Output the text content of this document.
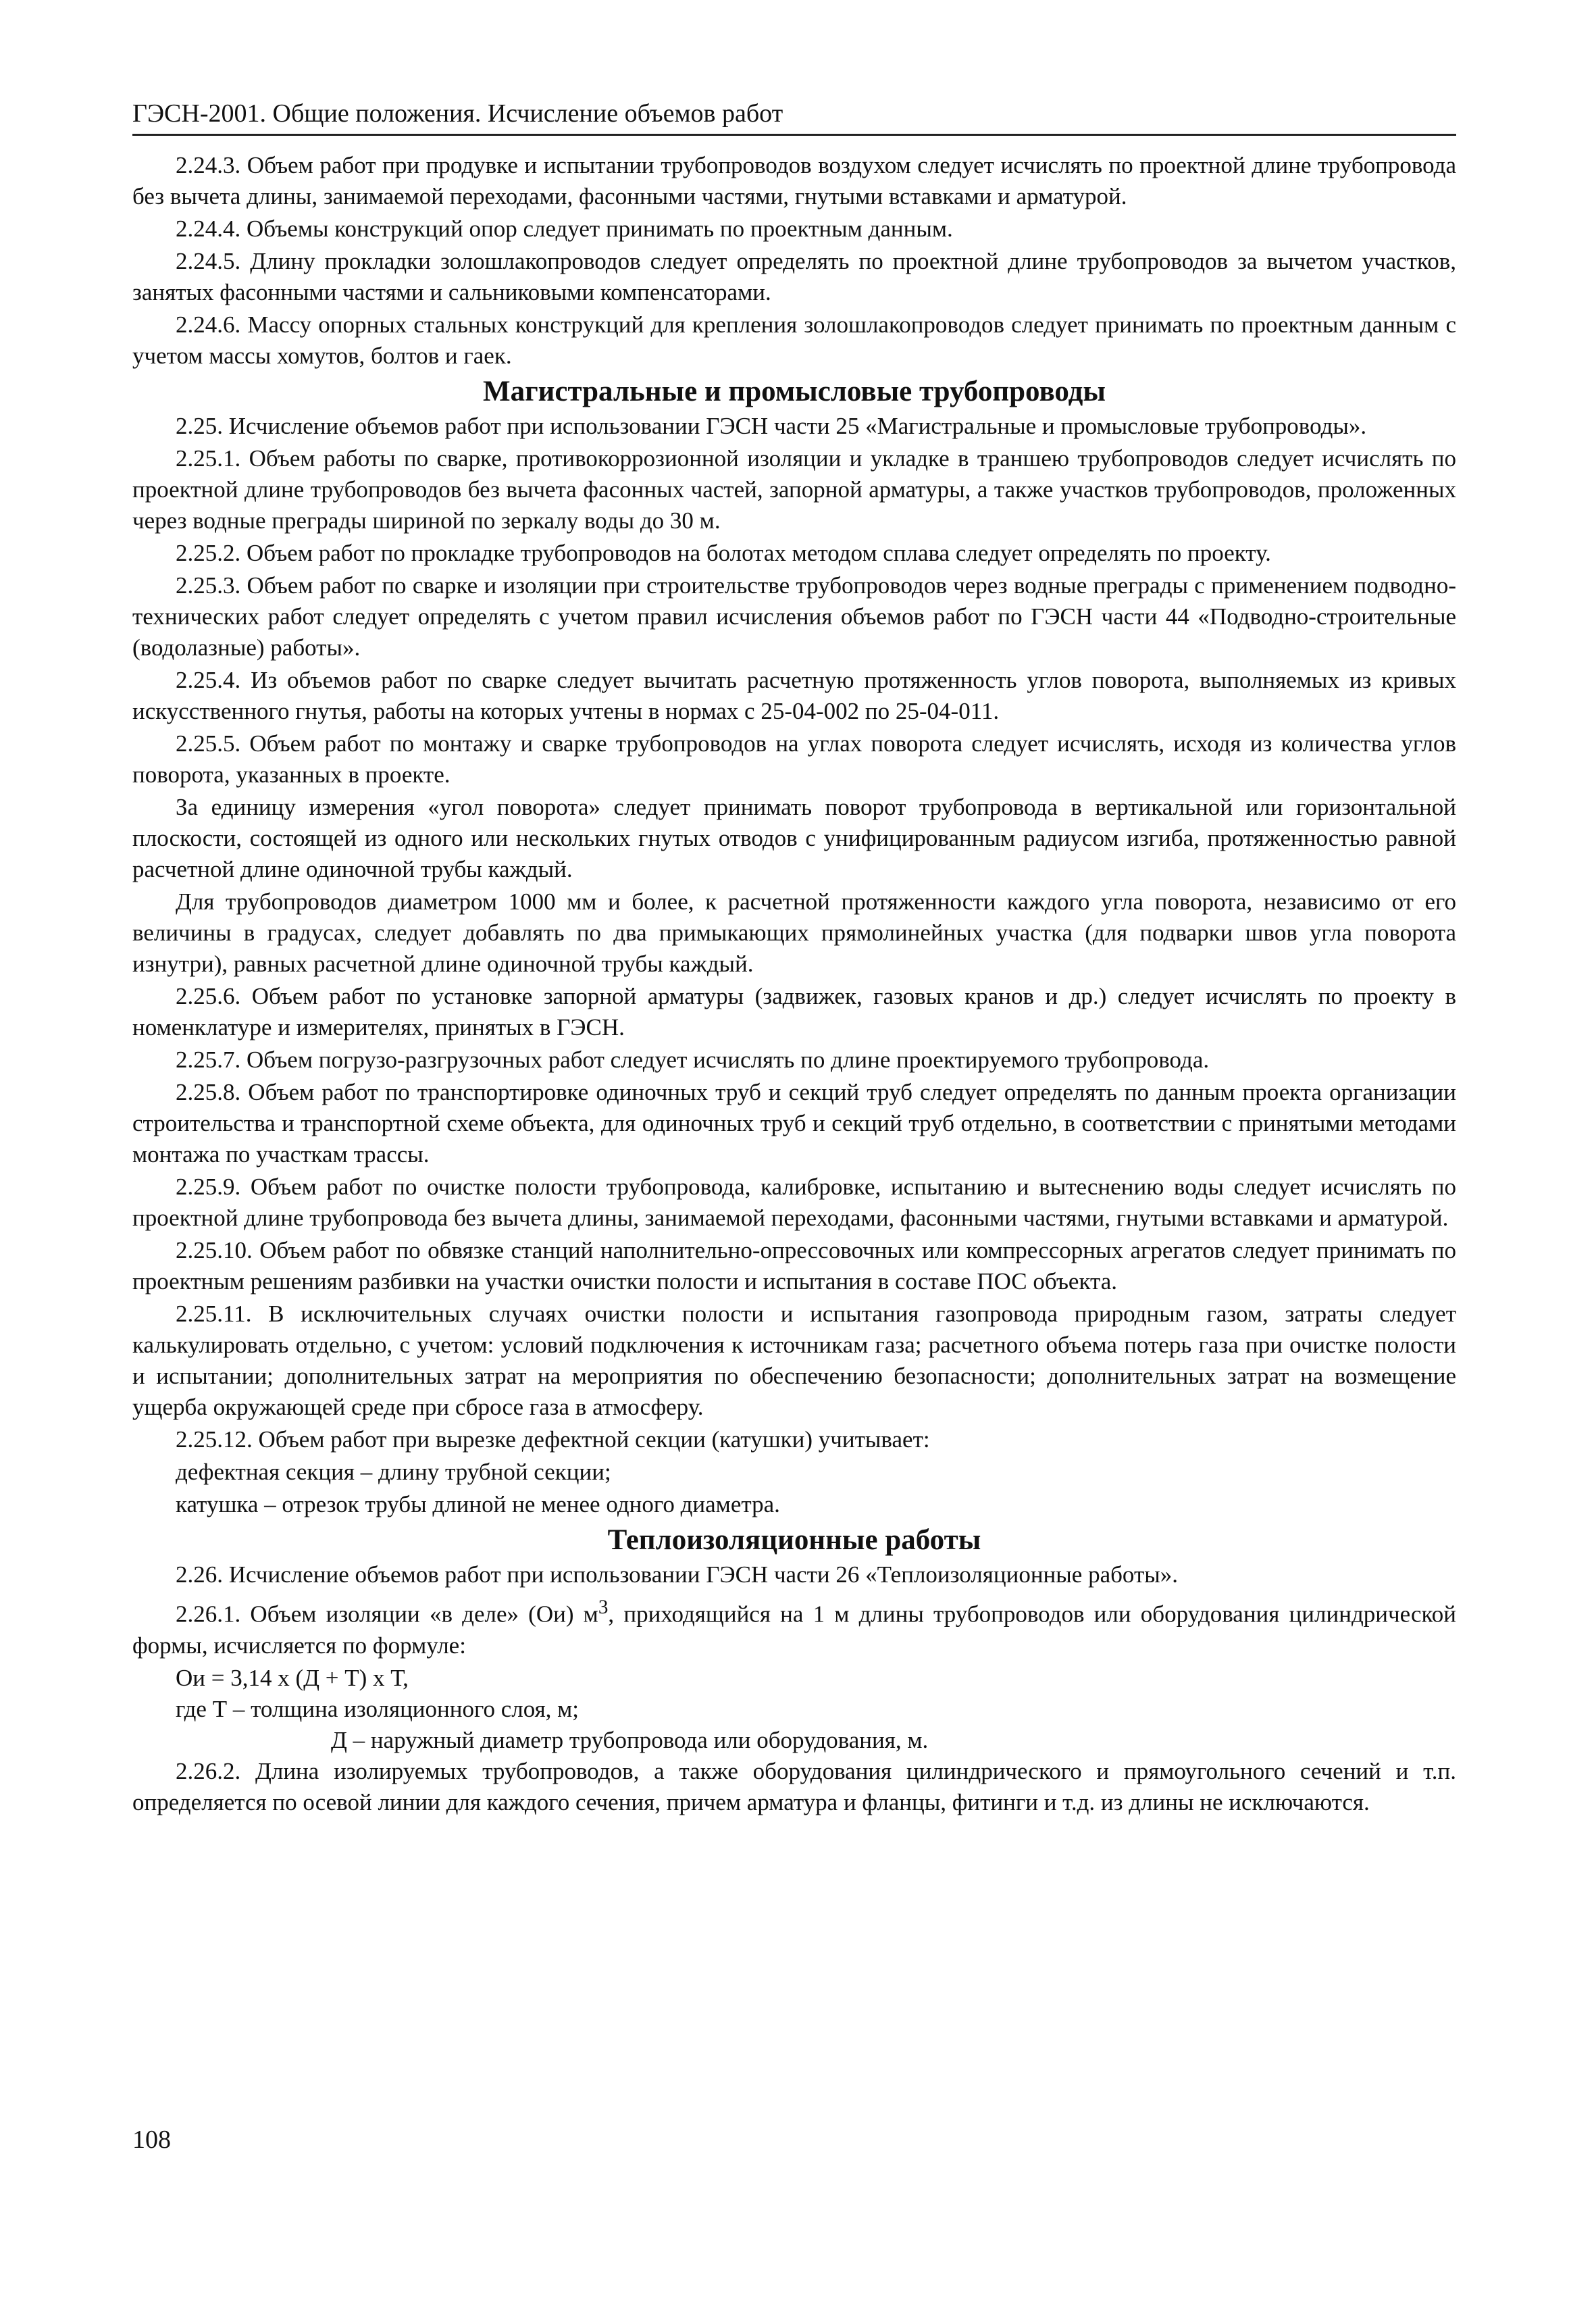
ГЭСН-2001. Общие положения. Исчисление объемов работ

2.24.3. Объем работ при продувке и испытании трубопроводов воздухом следует исчислять по проектной длине трубопровода без вычета длины, занимаемой переходами, фасонными частями, гнутыми вставками и арматурой.

2.24.4. Объемы конструкций опор следует принимать по проектным данным.

2.24.5. Длину прокладки золошлакопроводов следует определять по проектной длине трубопроводов за вычетом участков, занятых фасонными частями и сальниковыми компенсаторами.

2.24.6. Массу опорных стальных конструкций для крепления золошлакопроводов следует принимать по проектным данным с учетом массы хомутов, болтов и гаек.

Магистральные и промысловые трубопроводы

2.25. Исчисление объемов работ при использовании ГЭСН части 25 «Магистральные и промысловые трубопроводы».

2.25.1. Объем работы по сварке, противокоррозионной изоляции и укладке в траншею трубопроводов следует исчислять по проектной длине трубопроводов без вычета фасонных частей, запорной арматуры, а также участков трубопроводов, проложенных через водные преграды шириной по зеркалу воды до 30 м.

2.25.2. Объем работ по прокладке трубопроводов на болотах методом сплава следует определять по проекту.

2.25.3. Объем работ по сварке и изоляции при строительстве трубопроводов через водные преграды с применением подводно-технических работ следует определять с учетом правил исчисления объемов работ по ГЭСН части 44 «Подводно-строительные (водолазные) работы».

2.25.4. Из объемов работ по сварке следует вычитать расчетную протяженность углов поворота, выполняемых из кривых искусственного гнутья, работы на которых учтены в нормах с 25-04-002 по 25-04-011.

2.25.5. Объем работ по монтажу и сварке трубопроводов на углах поворота следует исчислять, исходя из количества углов поворота, указанных в проекте.

За единицу измерения «угол поворота» следует принимать поворот трубопровода в вертикальной или горизонтальной плоскости, состоящей из одного или нескольких гнутых отводов с унифицированным радиусом изгиба, протяженностью равной расчетной длине одиночной трубы каждый.

Для трубопроводов диаметром 1000 мм и более, к расчетной протяженности каждого угла поворота, независимо от его величины в градусах, следует добавлять по два примыкающих прямолинейных участка (для подварки швов угла поворота изнутри), равных расчетной длине одиночной трубы каждый.

2.25.6. Объем работ по установке запорной арматуры (задвижек, газовых кранов и др.) следует исчислять по проекту в номенклатуре и измерителях, принятых в ГЭСН.

2.25.7. Объем погрузо-разгрузочных работ следует исчислять по длине проектируемого трубопровода.

2.25.8. Объем работ по транспортировке одиночных труб и секций труб следует определять по данным проекта организации строительства и транспортной схеме объекта, для одиночных труб и секций труб отдельно, в соответствии с принятыми методами монтажа по участкам трассы.

2.25.9. Объем работ по очистке полости трубопровода, калибровке, испытанию и вытеснению воды следует исчислять по проектной длине трубопровода без вычета длины, занимаемой переходами, фасонными частями, гнутыми вставками и арматурой.

2.25.10. Объем работ по обвязке станций наполнительно-опрессовочных или компрессорных агрегатов следует принимать по проектным решениям разбивки на участки очистки полости и испытания в составе ПОС объекта.

2.25.11. В исключительных случаях очистки полости и испытания газопровода природным газом, затраты следует калькулировать отдельно, с учетом: условий подключения к источникам газа; расчетного объема потерь газа при очистке полости и испытании; дополнительных затрат на мероприятия по обеспечению безопасности; дополнительных затрат на возмещение ущерба окружающей среде при сбросе газа в атмосферу.

2.25.12. Объем работ при вырезке дефектной секции (катушки) учитывает:

дефектная секция – длину трубной секции;

катушка – отрезок трубы длиной не менее одного диаметра.

Теплоизоляционные работы

2.26. Исчисление объемов работ при использовании ГЭСН части 26 «Теплоизоляционные работы».

2.26.1. Объем изоляции «в деле» (Ои) $м^3$, приходящийся на 1 м длины трубопроводов или оборудования цилиндрической формы, исчисляется по формуле:

Ои = 3,14 х (Д + Т) х Т,
где Т – толщина изоляционного слоя, м;
Д – наружный диаметр трубопровода или оборудования, м.

2.26.2. Длина изолируемых трубопроводов, а также оборудования цилиндрического и прямоугольного сечений и т.п. определяется по осевой линии для каждого сечения, причем арматура и фланцы, фитинги и т.д. из длины не исключаются.

108
